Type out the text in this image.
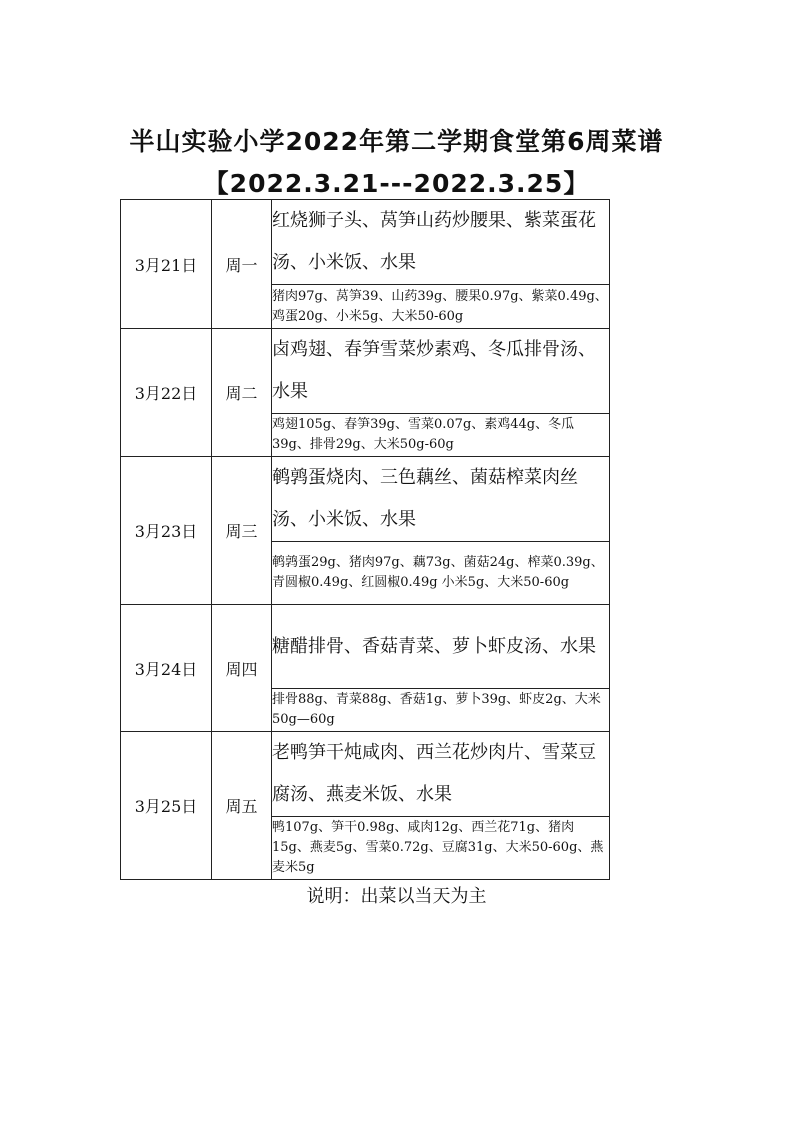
半山实验小学2022年第二学期食堂第6周菜谱
【2022.3.21---2022.3.25】
3月21日	周一	红烧狮子头、莴笋山药炒腰果、紫菜蛋花汤、小米饭、水果
		猪肉97g、莴笋39、山药39g、腰果0.97g、紫菜0.49g、鸡蛋20g、小米5g、大米50-60g
3月22日	周二	卤鸡翅、春笋雪菜炒素鸡、冬瓜排骨汤、水果
		鸡翅105g、春笋39g、雪菜0.07g、素鸡44g、冬瓜39g、排骨29g、大米50g-60g
3月23日	周三	鹌鹑蛋烧肉、三色藕丝、菌菇榨菜肉丝汤、小米饭、水果
		鹌鹑蛋29g、猪肉97g、藕73g、菌菇24g、榨菜0.39g、青圆椒0.49g、红圆椒0.49g 小米5g、大米50-60g
3月24日	周四	糖醋排骨、香菇青菜、萝卜虾皮汤、水果
		排骨88g、青菜88g、香菇1g、萝卜39g、虾皮2g、大米50g—60g
3月25日	周五	老鸭笋干炖咸肉、西兰花炒肉片、雪菜豆腐汤、燕麦米饭、水果
		鸭107g、笋干0.98g、咸肉12g、西兰花71g、猪肉15g、燕麦5g、雪菜0.72g、豆腐31g、大米50-60g、燕麦米5g
说明：出菜以当天为主
